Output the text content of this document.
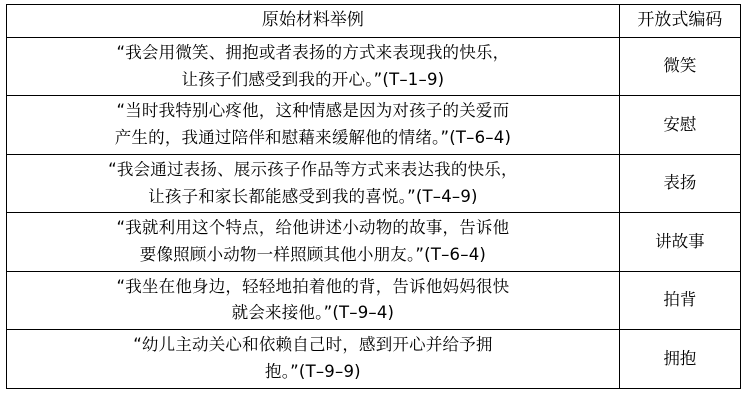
原始材料举例	开放式编码

“我会用微笑、拥抱或者表扬的方式来表现我的快乐，
让孩子们感受到我的开心。”(T–1–9)	微笑

“当时我特别心疼他，这种情感是因为对孩子的关爱而
产生的，我通过陪伴和慰藉来缓解他的情绪。”(T–6–4)	安慰

“我会通过表扬、展示孩子作品等方式来表达我的快乐，
让孩子和家长都能感受到我的喜悦。”(T–4–9)	表扬

“我就利用这个特点，给他讲述小动物的故事，告诉他
要像照顾小动物一样照顾其他小朋友。”(T–6–4)	讲故事

“我坐在他身边，轻轻地拍着他的背，告诉他妈妈很快
就会来接他。”(T–9–4)	拍背

“幼儿主动关心和依赖自己时，感到开心并给予拥
抱。”(T–9–9)	拥抱
